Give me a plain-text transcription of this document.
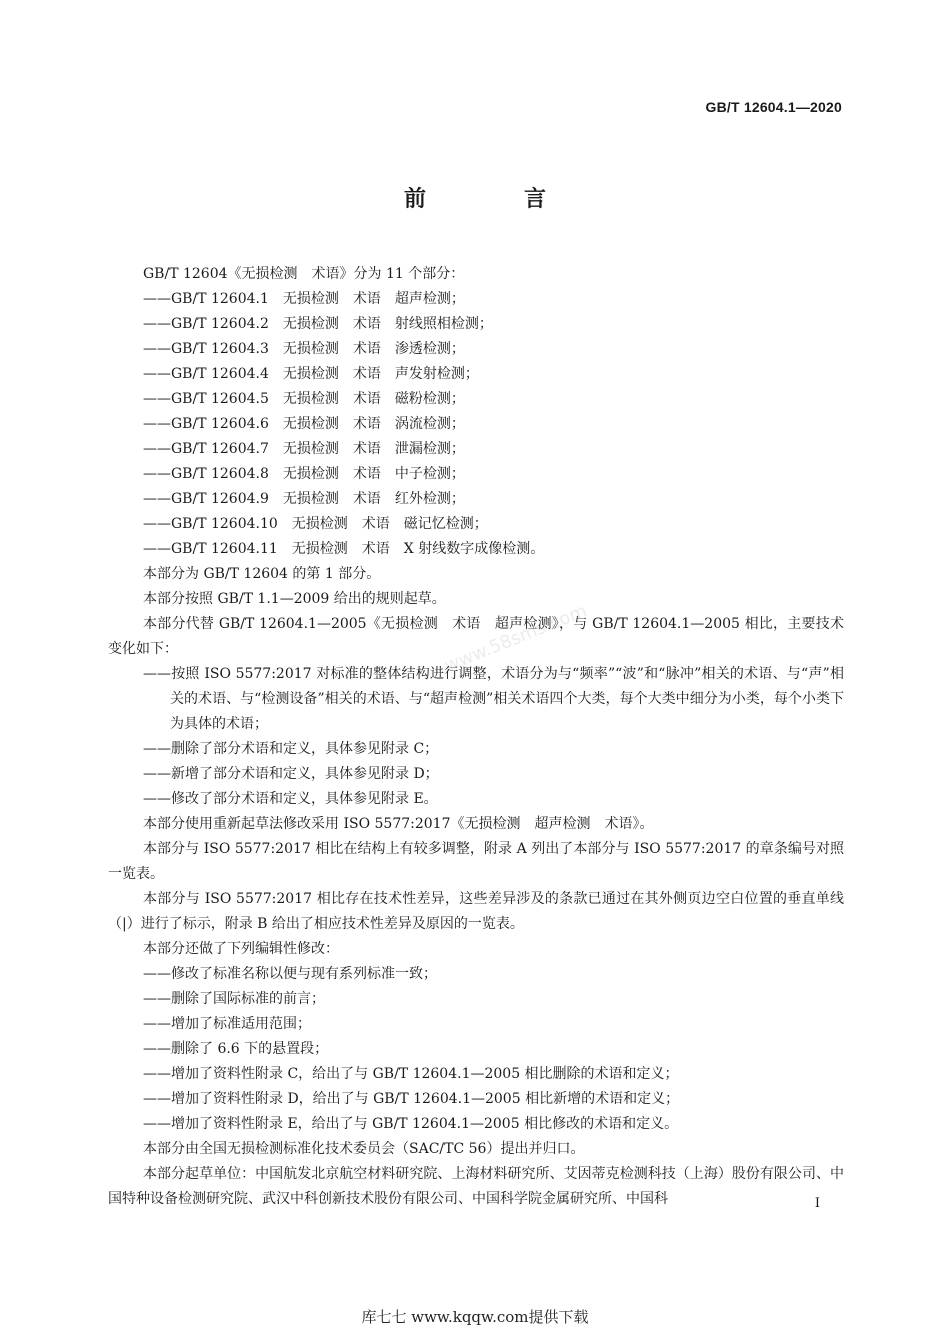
GB/T 12604.1—2020
前　言
www.58sms.com

GB/T 12604《无损检测　术语》分为 11 个部分：

——GB/T 12604.1　无损检测　术语　超声检测；

——GB/T 12604.2　无损检测　术语　射线照相检测；

——GB/T 12604.3　无损检测　术语　渗透检测；

——GB/T 12604.4　无损检测　术语　声发射检测；

——GB/T 12604.5　无损检测　术语　磁粉检测；

——GB/T 12604.6　无损检测　术语　涡流检测；

——GB/T 12604.7　无损检测　术语　泄漏检测；

——GB/T 12604.8　无损检测　术语　中子检测；

——GB/T 12604.9　无损检测　术语　红外检测；

——GB/T 12604.10　无损检测　术语　磁记忆检测；

——GB/T 12604.11　无损检测　术语　X 射线数字成像检测。

本部分为 GB/T 12604 的第 1 部分。

本部分按照 GB/T 1.1—2009 给出的规则起草。

本部分代替 GB/T 12604.1—2005《无损检测　术语　超声检测》，与 GB/T 12604.1—2005 相比，主要技术变化如下：

——按照 ISO 5577:2017 对标准的整体结构进行调整，术语分为与“频率”“波”和“脉冲”相关的术语、与“声”相关的术语、与“检测设备”相关的术语、与“超声检测”相关术语四个大类，每个大类中细分为小类，每个小类下为具体的术语；

——删除了部分术语和定义，具体参见附录 C；

——新增了部分术语和定义，具体参见附录 D；

——修改了部分术语和定义，具体参见附录 E。

本部分使用重新起草法修改采用 ISO 5577:2017《无损检测　超声检测　术语》。

本部分与 ISO 5577:2017 相比在结构上有较多调整，附录 A 列出了本部分与 ISO 5577:2017 的章条编号对照一览表。

本部分与 ISO 5577:2017 相比存在技术性差异，这些差异涉及的条款已通过在其外侧页边空白位置的垂直单线（|）进行了标示，附录 B 给出了相应技术性差异及原因的一览表。

本部分还做了下列编辑性修改：

——修改了标准名称以便与现有系列标准一致；

——删除了国际标准的前言；

——增加了标准适用范围；

——删除了 6.6 下的悬置段；

——增加了资料性附录 C，给出了与 GB/T 12604.1—2005 相比删除的术语和定义；

——增加了资料性附录 D，给出了与 GB/T 12604.1—2005 相比新增的术语和定义；

——增加了资料性附录 E，给出了与 GB/T 12604.1—2005 相比修改的术语和定义。

本部分由全国无损检测标准化技术委员会（SAC/TC 56）提出并归口。

本部分起草单位：中国航发北京航空材料研究院、上海材料研究所、艾因蒂克检测科技（上海）股份有限公司、中国特种设备检测研究院、武汉中科创新技术股份有限公司、中国科学院金属研究所、中国科	I
库七七 www.kqqw.com提供下载
